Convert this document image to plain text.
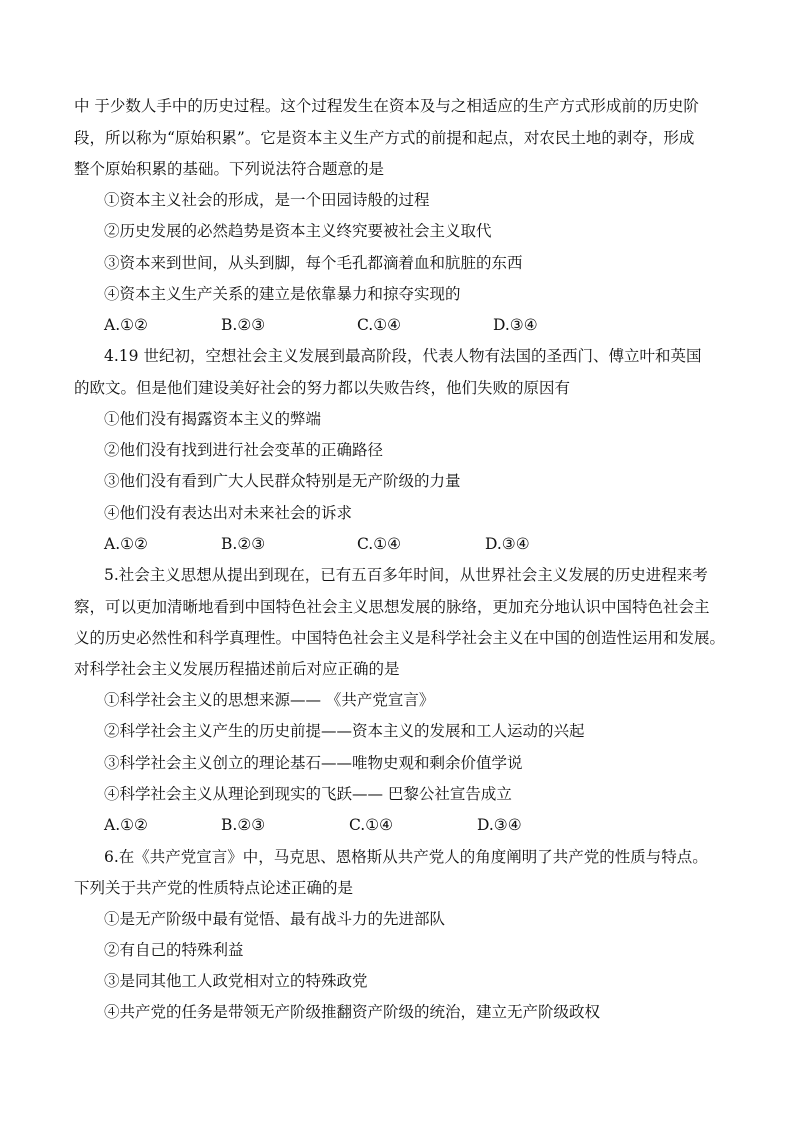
中 于少数人手中的历史过程。这个过程发生在资本及与之相适应的生产方式形成前的历史阶

段，所以称为“原始积累”。它是资本主义生产方式的前提和起点，对农民土地的剥夺，形成

整个原始积累的基础。下列说法符合题意的是

①资本主义社会的形成，是一个田园诗般的过程

②历史发展的必然趋势是资本主义终究要被社会主义取代

③资本来到世间，从头到脚，每个毛孔都滴着血和肮脏的东西

④资本主义生产关系的建立是依靠暴力和掠夺实现的

A.①②	B.②③	C.①④	D.③④

4.19 世纪初，空想社会主义发展到最高阶段，代表人物有法国的圣西门、傅立叶和英国

的欧文。但是他们建设美好社会的努力都以失败告终，他们失败的原因有

①他们没有揭露资本主义的弊端

②他们没有找到进行社会变革的正确路径

③他们没有看到广大人民群众特别是无产阶级的力量

④他们没有表达出对未来社会的诉求

A.①②	B.②③	C.①④	D.③④

5.社会主义思想从提出到现在，已有五百多年时间，从世界社会主义发展的历史进程来考

察，可以更加清晰地看到中国特色社会主义思想发展的脉络，更加充分地认识中国特色社会主

义的历史必然性和科学真理性。中国特色社会主义是科学社会主义在中国的创造性运用和发展。

对科学社会主义发展历程描述前后对应正确的是

①科学社会主义的思想来源—— 《共产党宣言》

②科学社会主义产生的历史前提——资本主义的发展和工人运动的兴起

③科学社会主义创立的理论基石——唯物史观和剩余价值学说

④科学社会主义从理论到现实的飞跃—— 巴黎公社宣告成立

A.①②	B.②③	C.①④	D.③④

6.在《共产党宣言》中，马克思、恩格斯从共产党人的角度阐明了共产党的性质与特点。

下列关于共产党的性质特点论述正确的是

①是无产阶级中最有觉悟、最有战斗力的先进部队

②有自己的特殊利益

③是同其他工人政党相对立的特殊政党

④共产党的任务是带领无产阶级推翻资产阶级的统治，建立无产阶级政权
